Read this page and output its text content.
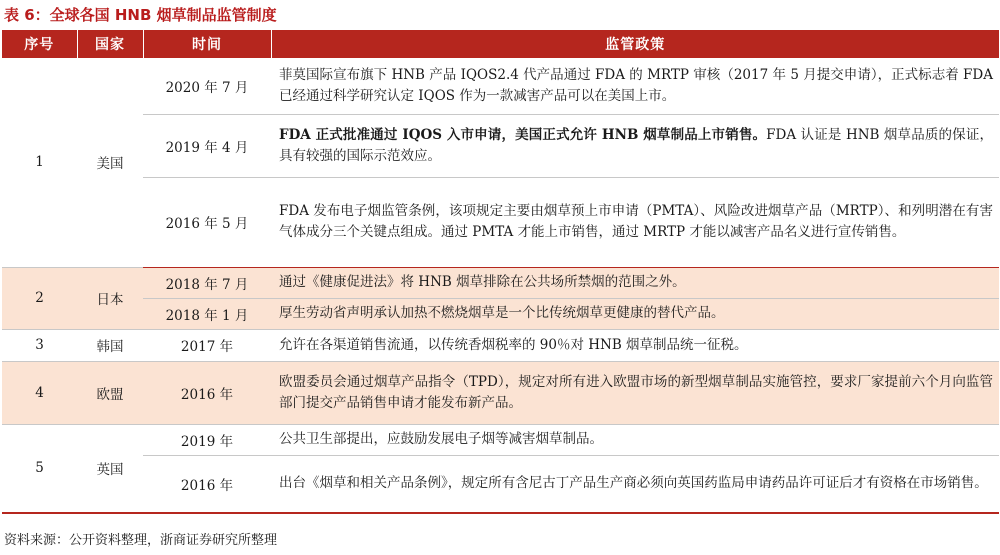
表 6：全球各国 HNB 烟草制品监管制度
序号	国家	时间	监管政策
1	美国	2020 年 7 月	菲莫国际宣布旗下 HNB 产品 IQOS2.4 代产品通过 FDA 的 MRTP 审核（2017 年 5 月提交申请），正式标志着 FDA 已经通过科学研究认定 IQOS 作为一款减害产品可以在美国上市。
		2019 年 4 月	FDA 正式批准通过 IQOS 入市申请，美国正式允许 HNB 烟草制品上市销售。FDA 认证是 HNB 烟草品质的保证，具有较强的国际示范效应。
		2016 年 5 月	FDA 发布电子烟监管条例，该项规定主要由烟草预上市申请（PMTA）、风险改进烟草产品（MRTP）、和列明潜在有害气体成分三个关键点组成。通过 PMTA 才能上市销售，通过 MRTP 才能以减害产品名义进行宣传销售。
2	日本	2018 年 7 月	通过《健康促进法》将 HNB 烟草排除在公共场所禁烟的范围之外。
		2018 年 1 月	厚生劳动省声明承认加热不燃烧烟草是一个比传统烟草更健康的替代产品。
3	韩国	2017 年	允许在各渠道销售流通，以传统香烟税率的 90％对 HNB 烟草制品统一征税。
4	欧盟	2016 年	欧盟委员会通过烟草产品指令（TPD），规定对所有进入欧盟市场的新型烟草制品实施管控，要求厂家提前六个月向监管部门提交产品销售申请才能发布新产品。
5	英国	2019 年	公共卫生部提出，应鼓励发展电子烟等减害烟草制品。
		2016 年	出台《烟草和相关产品条例》，规定所有含尼古丁产品生产商必须向英国药监局申请药品许可证后才有资格在市场销售。
资料来源：公开资料整理，浙商证券研究所整理
